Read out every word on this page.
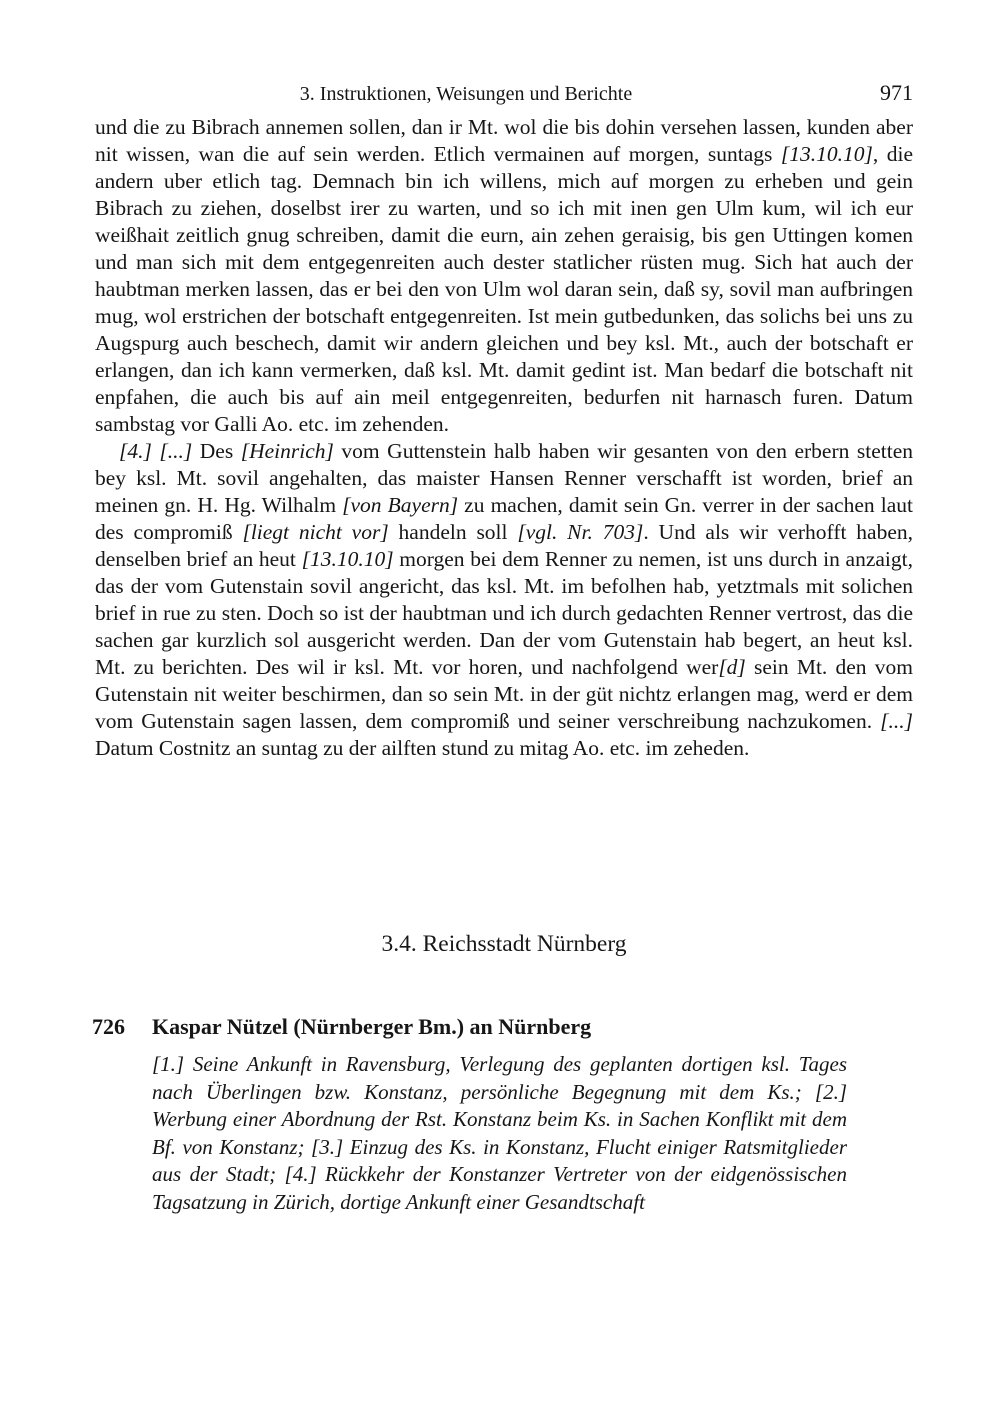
3. Instruktionen, Weisungen und Berichte	971

und die zu Bibrach annemen sollen, dan ir Mt. wol die bis dohin versehen lassen, kunden aber nit wissen, wan die auf sein werden. Etlich vermainen auf morgen, suntags [13.10.10], die andern uber etlich tag. Demnach bin ich willens, mich auf morgen zu erheben und gein Bibrach zu ziehen, doselbst irer zu warten, und so ich mit inen gen Ulm kum, wil ich eur weißhait zeitlich gnug schreiben, damit die eurn, ain zehen geraisig, bis gen Uttingen komen und man sich mit dem entgegenreiten auch dester statlicher rüsten mug. Sich hat auch der haubtman merken lassen, das er bei den von Ulm wol daran sein, daß sy, sovil man aufbringen mug, wol erstrichen der botschaft entgegenreiten. Ist mein gutbedunken, das solichs bei uns zu Augspurg auch beschech, damit wir andern gleichen und bey ksl. Mt., auch der botschaft er erlangen, dan ich kann vermerken, daß ksl. Mt. damit gedint ist. Man bedarf die botschaft nit enpfahen, die auch bis auf ain meil entgegenreiten, bedurfen nit harnasch furen. Datum sambstag vor Galli Ao. etc. im zehenden.

[4.] [...] Des [Heinrich] vom Guttenstein halb haben wir gesanten von den erbern stetten bey ksl. Mt. sovil angehalten, das maister Hansen Renner verschafft ist worden, brief an meinen gn. H. Hg. Wilhalm [von Bayern] zu machen, damit sein Gn. verrer in der sachen laut des compromiß [liegt nicht vor] handeln soll [vgl. Nr. 703]. Und als wir verhofft haben, denselben brief an heut [13.10.10] morgen bei dem Renner zu nemen, ist uns durch in anzaigt, das der vom Gutenstain sovil angericht, das ksl. Mt. im befolhen hab, yetztmals mit solichen brief in rue zu sten. Doch so ist der haubtman und ich durch gedachten Renner vertrost, das die sachen gar kurzlich sol ausgericht werden. Dan der vom Gutenstain hab begert, an heut ksl. Mt. zu berichten. Des wil ir ksl. Mt. vor horen, und nachfolgend wer[d] sein Mt. den vom Gutenstain nit weiter beschirmen, dan so sein Mt. in der güt nichtz erlangen mag, werd er dem vom Gutenstain sagen lassen, dem compromiß und seiner verschreibung nachzukomen. [...] Datum Costnitz an suntag zu der ailften stund zu mitag Ao. etc. im zeheden.

3.4. Reichsstadt Nürnberg
726	Kaspar Nützel (Nürnberger Bm.) an Nürnberg
[1.] Seine Ankunft in Ravensburg, Verlegung des geplanten dortigen ksl. Tages nach Überlingen bzw. Konstanz, persönliche Begegnung mit dem Ks.; [2.] Werbung einer Abordnung der Rst. Konstanz beim Ks. in Sachen Konflikt mit dem Bf. von Konstanz; [3.] Einzug des Ks. in Konstanz, Flucht einiger Ratsmitglieder aus der Stadt; [4.] Rückkehr der Konstanzer Vertreter von der eidgenössischen Tagsatzung in Zürich, dortige Ankunft einer Gesandtschaft
